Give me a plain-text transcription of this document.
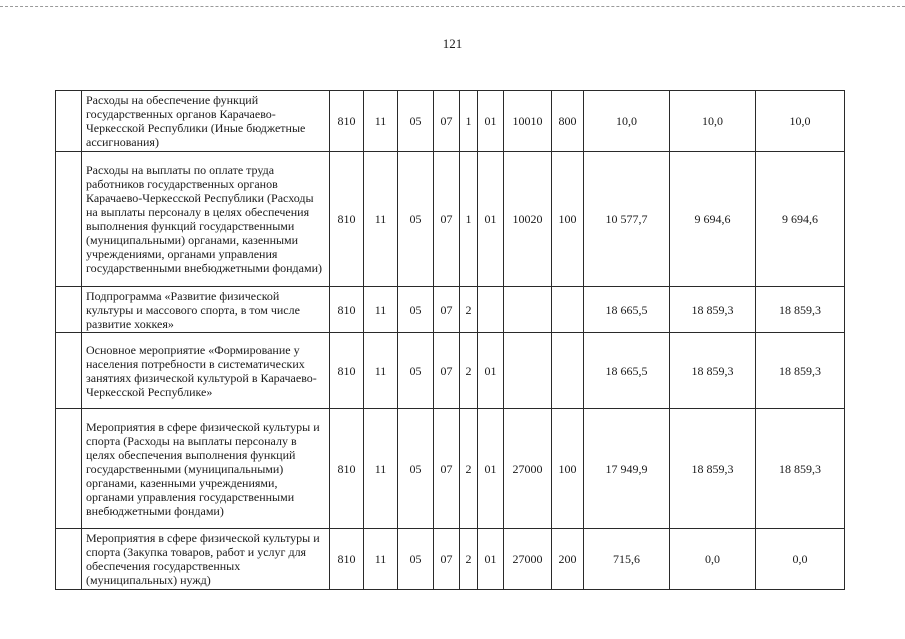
121
	Расходы на обеспечение функций государственных органов Карачаево-Черкесской Республики (Иные бюджетные ассигнования)	810	11	05	07	1	01	10010	800	10,0	10,0	10,0
	Расходы на выплаты по оплате труда работников государственных органов Карачаево-Черкесской Республики (Расходы на выплаты персоналу в целях обеспечения выполнения функций государственными (муниципальными) органами, казенными учреждениями, органами управления государственными внебюджетными фондами)	810	11	05	07	1	01	10020	100	10 577,7	9 694,6	9 694,6
	Подпрограмма «Развитие физической культуры и массового спорта, в том числе развитие хоккея»	810	11	05	07	2				18 665,5	18 859,3	18 859,3
	Основное мероприятие «Формирование у населения потребности в систематических занятиях физической культурой в Карачаево-Черкесской Республике»	810	11	05	07	2	01			18 665,5	18 859,3	18 859,3
	Мероприятия в сфере физической культуры и спорта (Расходы на выплаты персоналу в целях обеспечения выполнения функций государственными (муниципальными) органами, казенными учреждениями, органами управления государственными внебюджетными фондами)	810	11	05	07	2	01	27000	100	17 949,9	18 859,3	18 859,3
	Мероприятия в сфере физической культуры и спорта (Закупка товаров, работ и услуг для обеспечения государственных (муниципальных) нужд)	810	11	05	07	2	01	27000	200	715,6	0,0	0,0
